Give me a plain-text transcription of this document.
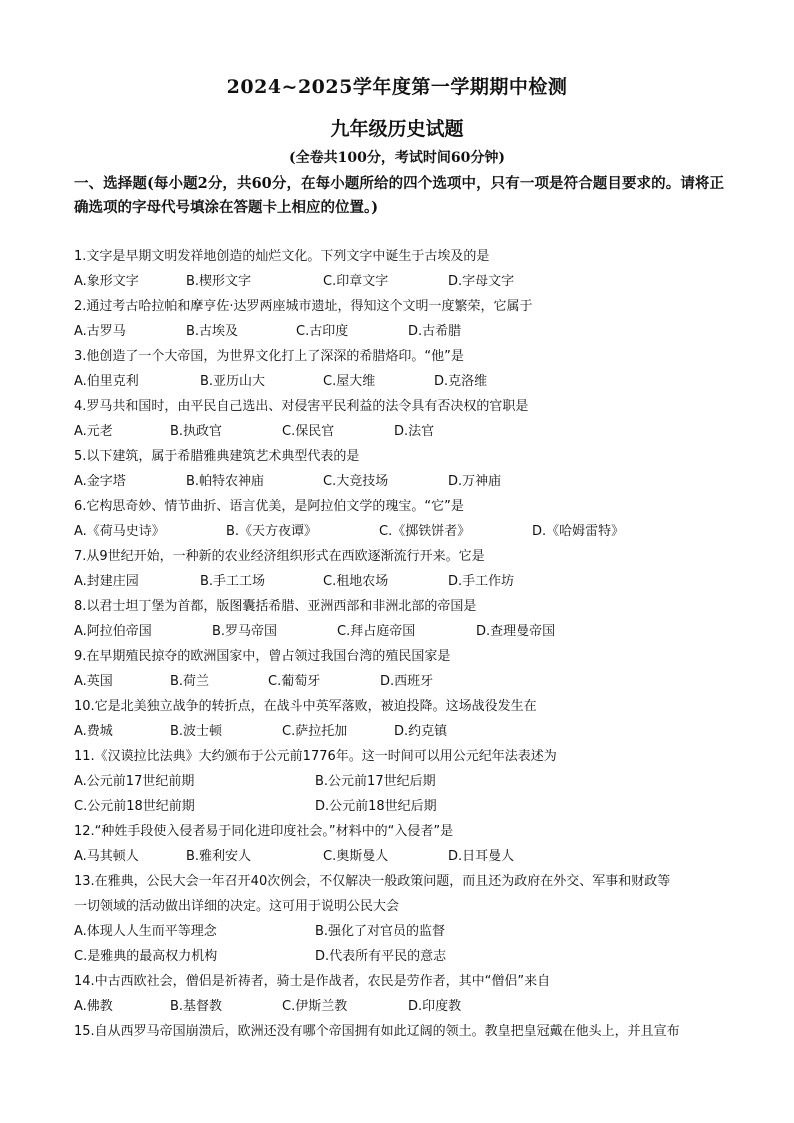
2024~2025学年度第一学期期中检测
九年级历史试题
(全卷共100分，考试时间60分钟)
一、选择题(每小题2分，共60分，在每小题所给的四个选项中，只有一项是符合题目要求的。请将正确选项的字母代号填涂在答题卡上相应的位置。)
1.文字是早期文明发祥地创造的灿烂文化。下列文字中诞生于古埃及的是
A.象形文字	B.楔形文字	C.印章文字	D.字母文字
2.通过考古哈拉帕和摩亨佐·达罗两座城市遗址，得知这个文明一度繁荣，它属于
A.古罗马	B.古埃及	C.古印度	D.古希腊
3.他创造了一个大帝国，为世界文化打上了深深的希腊烙印。“他”是
A.伯里克利	B.亚历山大	C.屋大维	D.克洛维
4.罗马共和国时，由平民自己选出、对侵害平民利益的法令具有否决权的官职是
A.元老	B.执政官	C.保民官	D.法官
5.以下建筑，属于希腊雅典建筑艺术典型代表的是
A.金字塔	B.帕特农神庙	C.大竞技场	D.万神庙
6.它构思奇妙、情节曲折、语言优美，是阿拉伯文学的瑰宝。“它”是
A.《荷马史诗》	B.《天方夜谭》	C.《掷铁饼者》	D.《哈姆雷特》
7.从9世纪开始，一种新的农业经济组织形式在西欧逐渐流行开来。它是
A.封建庄园	B.手工工场	C.租地农场	D.手工作坊
8.以君士坦丁堡为首都，版图囊括希腊、亚洲西部和非洲北部的帝国是
A.阿拉伯帝国	B.罗马帝国	C.拜占庭帝国	D.查理曼帝国
9.在早期殖民掠夺的欧洲国家中，曾占领过我国台湾的殖民国家是
A.英国	B.荷兰	C.葡萄牙	D.西班牙
10.它是北美独立战争的转折点，在战斗中英军落败，被迫投降。这场战役发生在
A.费城	B.波士顿	C.萨拉托加	D.约克镇
11.《汉谟拉比法典》大约颁布于公元前1776年。这一时间可以用公元纪年法表述为
A.公元前17世纪前期	B.公元前17世纪后期
C.公元前18世纪前期	D.公元前18世纪后期
12.“种姓手段使入侵者易于同化进印度社会。”材料中的“入侵者”是
A.马其顿人	B.雅利安人	C.奥斯曼人	D.日耳曼人
13.在雅典，公民大会一年召开40次例会，不仅解决一般政策问题，而且还为政府在外交、军事和财政等
一切领域的活动做出详细的决定。这可用于说明公民大会
A.体现人人生而平等理念	B.强化了对官员的监督
C.是雅典的最高权力机构	D.代表所有平民的意志
14.中古西欧社会，僧侣是祈祷者，骑士是作战者，农民是劳作者，其中“僧侣”来自
A.佛教	B.基督教	C.伊斯兰教	D.印度教
15.自从西罗马帝国崩溃后，欧洲还没有哪个帝国拥有如此辽阔的领土。教皇把皇冠戴在他头上，并且宣布
